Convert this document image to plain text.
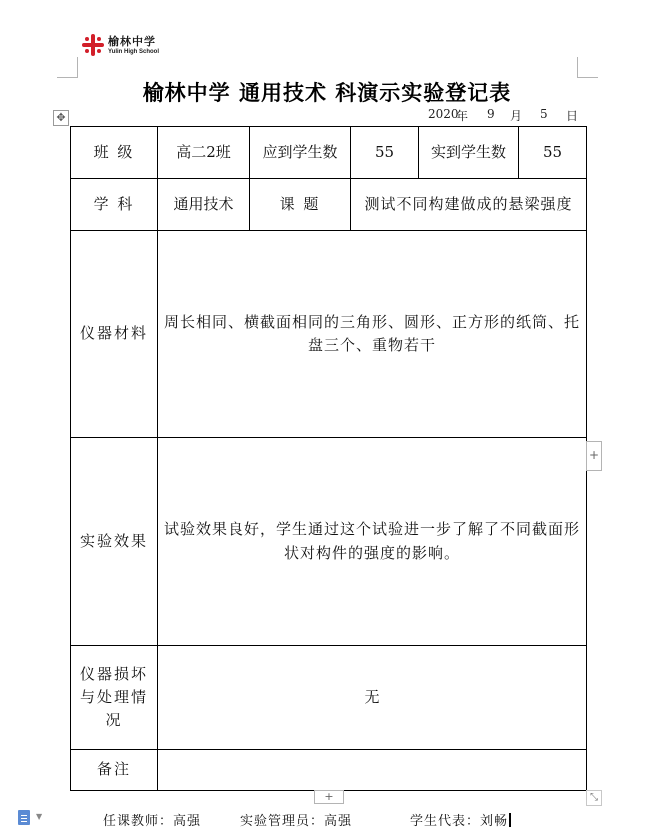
榆林中学
Yulin High School
榆林中学 通用技术 科演示实验登记表
✥	2020
年 9 月 5 日
班 级	高二2班	应到学生数	55	实到学生数	55
学 科	通用技术	课 题	测试不同构建做成的悬梁强度		
仪器材料	周长相同、横截面相同的三角形、圆形、正方形的纸筒、托盘三个、重物若干				
实验效果	试验效果良好，学生通过这个试验进一步了解了不同截面形状对构件的强度的影响。				
仪器损坏与处理情况	无				
备注					
+
+	⤡
▼	任课教师：高强	实验管理员：高强	学生代表：刘畅
